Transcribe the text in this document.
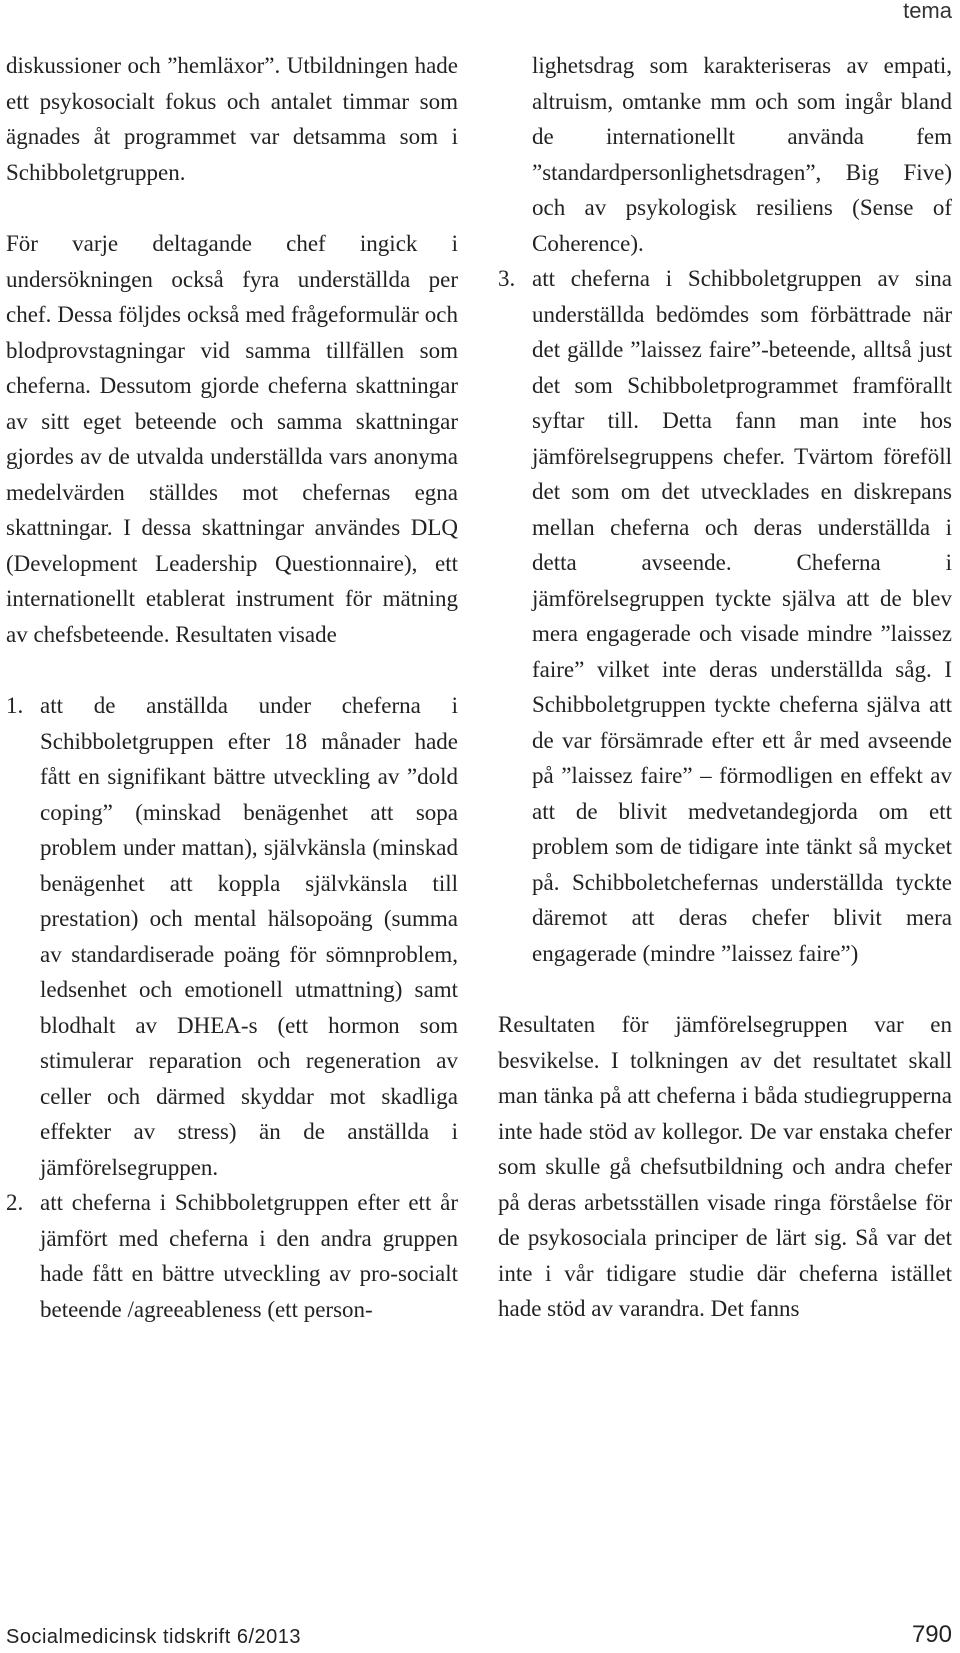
tema

diskussioner och ”hemläxor”. Utbildningen hade ett psykosocialt fokus och antalet timmar som ägnades åt programmet var detsamma som i Schibboletgruppen.

För varje deltagande chef ingick i undersökningen också fyra underställda per chef. Dessa följdes också med frågeformulär och blodprovstagningar vid samma tillfällen som cheferna. Dessutom gjorde cheferna skattningar av sitt eget beteende och samma skattningar gjordes av de utvalda underställda vars anonyma medelvärden ställdes mot chefernas egna skattningar. I dessa skattningar användes DLQ (Development Leadership Questionnaire), ett internationellt etablerat instrument för mätning av chefsbeteende. Resultaten visade

1. att de anställda under cheferna i Schibboletgruppen efter 18 månader hade fått en signifikant bättre utveckling av ”dold coping” (minskad benägenhet att sopa problem under mattan), självkänsla (minskad benägenhet att koppla självkänsla till prestation) och mental hälsopoäng (summa av standardiserade poäng för sömnproblem, ledsenhet och emotionell utmattning) samt blodhalt av DHEA-s (ett hormon som stimulerar reparation och regeneration av celler och därmed skyddar mot skadliga effekter av stress) än de anställda i jämförelsegruppen.
2. att cheferna i Schibboletgruppen efter ett år jämfört med cheferna i den andra gruppen hade fått en bättre utveckling av pro-socialt beteende /agreeableness (ett person-

lighetsdrag som karakteriseras av empati, altruism, omtanke mm och som ingår bland de internationellt använda fem ”standardpersonlighetsdragen”, Big Five) och av psykologisk resiliens (Sense of Coherence).

3. att cheferna i Schibboletgruppen av sina underställda bedömdes som förbättrade när det gällde ”laissez faire”-beteende, alltså just det som Schibboletprogrammet framförallt syftar till. Detta fann man inte hos jämförelsegruppens chefer. Tvärtom föreföll det som om det utvecklades en diskrepans mellan cheferna och deras underställda i detta avseende. Cheferna i jämförelsegruppen tyckte själva att de blev mera engagerade och visade mindre ”laissez faire” vilket inte deras underställda såg. I Schibboletgruppen tyckte cheferna själva att de var försämrade efter ett år med avseende på ”laissez faire” – förmodligen en effekt av att de blivit medvetandegjorda om ett problem som de tidigare inte tänkt så mycket på. Schibboletchefernas underställda tyckte däremot att deras chefer blivit mera engagerade (mindre ”laissez faire”)

Resultaten för jämförelsegruppen var en besvikelse. I tolkningen av det resultatet skall man tänka på att cheferna i båda studiegrupperna inte hade stöd av kollegor. De var enstaka chefer som skulle gå chefsutbildning och andra chefer på deras arbetsställen visade ringa förståelse för de psykosociala principer de lärt sig. Så var det inte i vår tidigare studie där cheferna istället hade stöd av varandra. Det fanns

Socialmedicinsk tidskrift 6/2013	790
